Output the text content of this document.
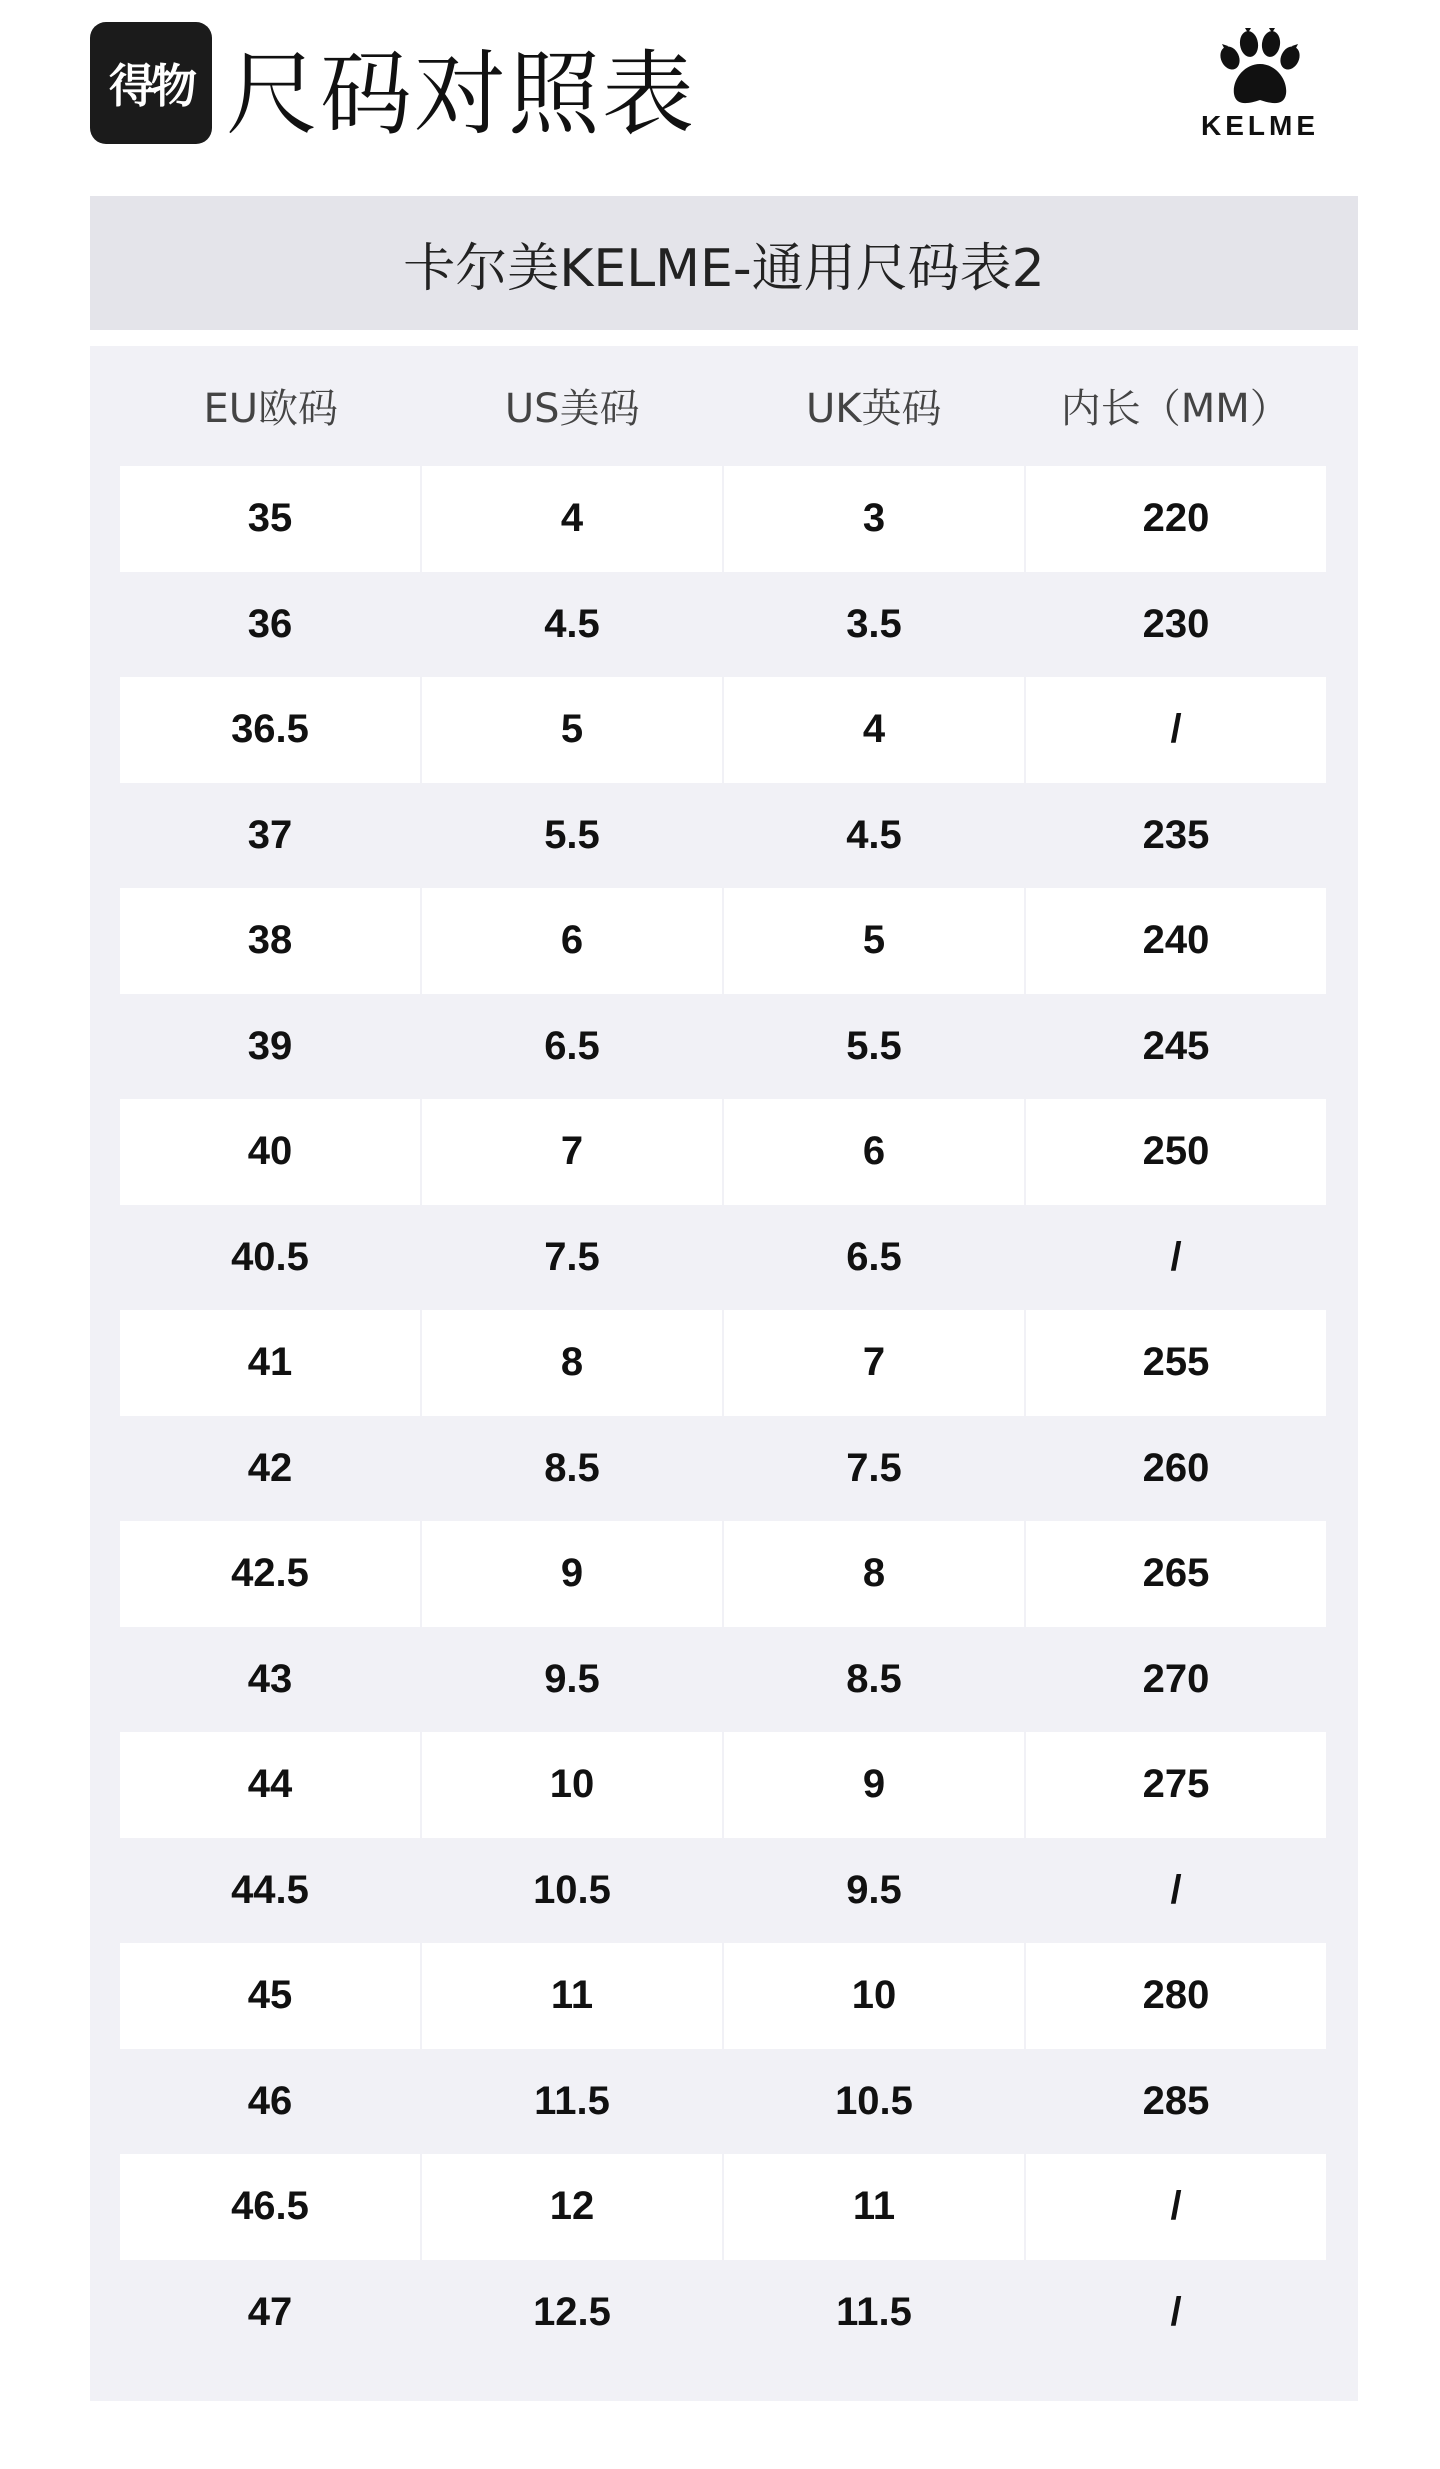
得物 尺码对照表	KELME
卡尔美KELME-通用尺码表2
EU欧码	US美码	UK英码	内长（MM）
35	4	3	220
36	4.5	3.5	230
36.5	5	4	/
37	5.5	4.5	235
38	6	5	240
39	6.5	5.5	245
40	7	6	250
40.5	7.5	6.5	/
41	8	7	255
42	8.5	7.5	260
42.5	9	8	265
43	9.5	8.5	270
44	10	9	275
44.5	10.5	9.5	/
45	11	10	280
46	11.5	10.5	285
46.5	12	11	/
47	12.5	11.5	/
